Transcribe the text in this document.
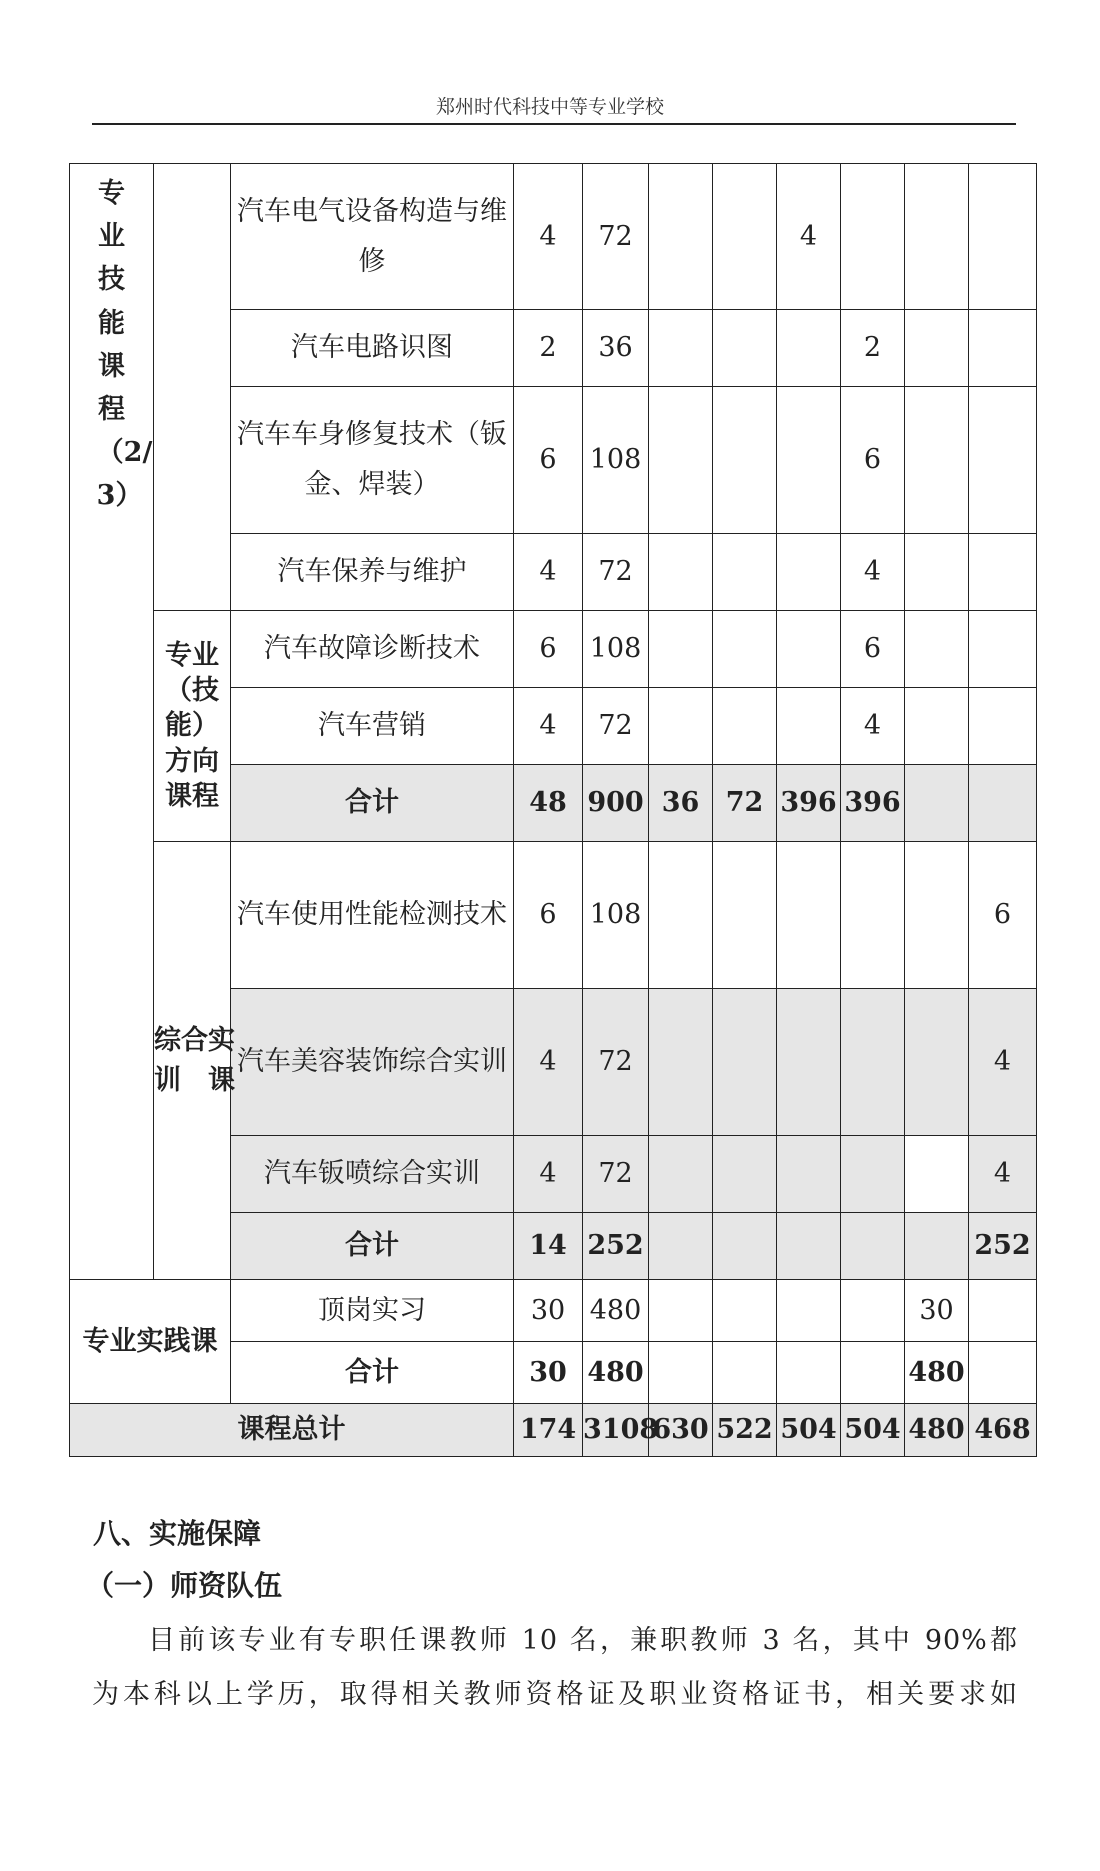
郑州时代科技中等专业学校
专业技能课程（2/3）		汽车电气设备构造与维修	4	72			4			
		汽车电路识图	2	36				2		
		汽车车身修复技术（钣金、焊装）	6	108				6		
		汽车保养与维护	4	72				4		
	专业（技能）方向课程	汽车故障诊断技术	6	108				6		
		汽车营销	4	72				4		
		合计	48	900	36	72	396	396		
	综合实训课	汽车使用性能检测技术	6	108						6
		汽车美容装饰综合实训	4	72						4
		汽车钣喷综合实训	4	72						4
		合计	14	252						252
专业实践课		顶岗实习	30	480					30	
		合计	30	480					480	
课程总计			174	3108	630	522	504	504	480	468
八、实施保障
（一）师资队伍
目前该专业有专职任课教师 10 名，兼职教师 3 名，其中 90%都
为本科以上学历，取得相关教师资格证及职业资格证书，相关要求如
